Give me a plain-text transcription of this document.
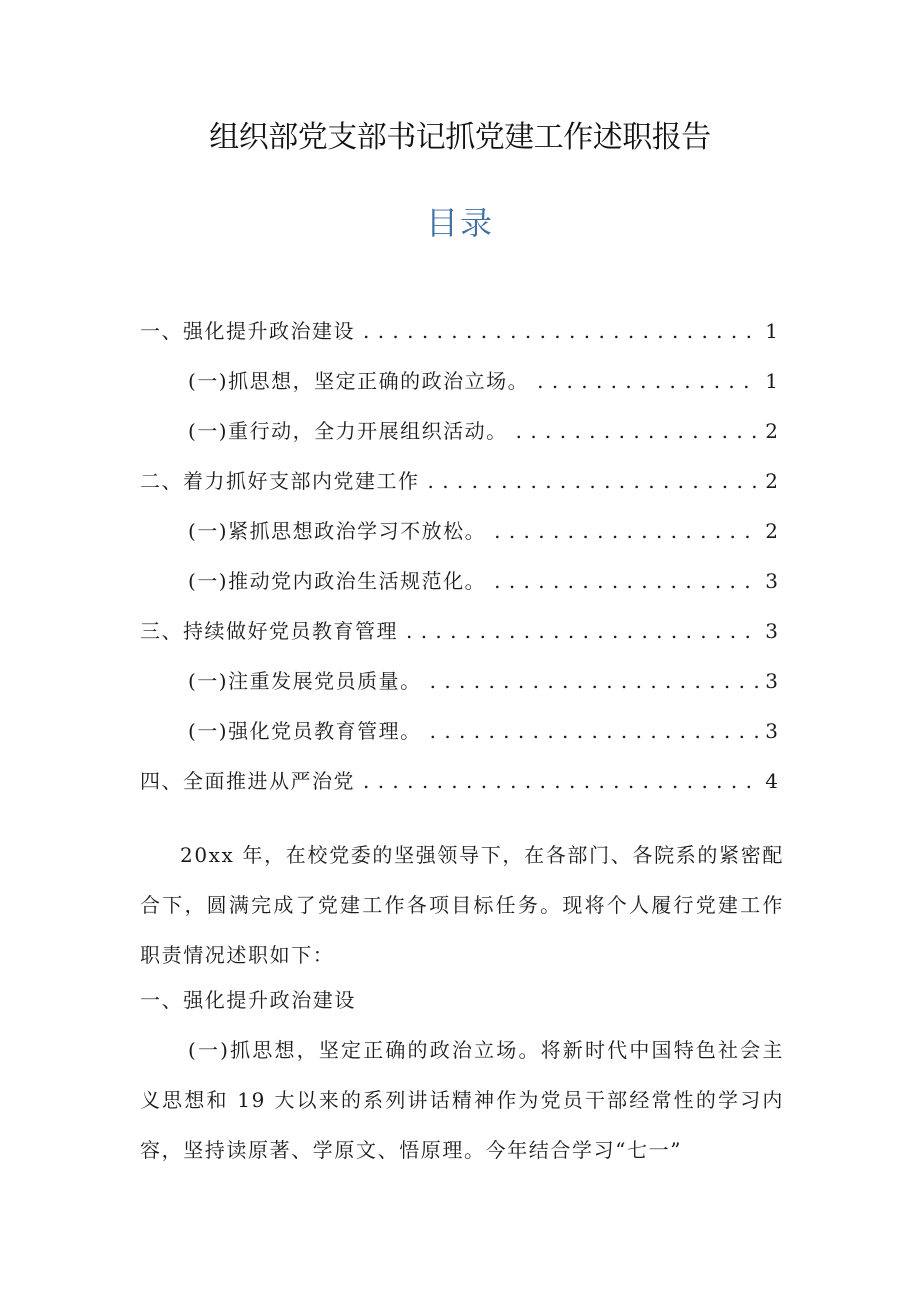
组织部党支部书记抓党建工作述职报告
目录
一、强化提升政治建设 . . .	1
(一)抓思想，坚定正确的政治立场。 . . .	1
(一)重行动，全力开展组织活动。 . . .	2
二、着力抓好支部内党建工作 . . .	2
(一)紧抓思想政治学习不放松。 . . .	2
(一)推动党内政治生活规范化。 . . .	3
三、持续做好党员教育管理 . . .	3
(一)注重发展党员质量。 . . .	3
(一)强化党员教育管理。 . . .	3
四、全面推进从严治党 . . .	4

20xx 年，在校党委的坚强领导下，在各部门、各院系的紧密配合下，圆满完成了党建工作各项目标任务。现将个人履行党建工作职责情况述职如下：

一、强化提升政治建设

(一)抓思想，坚定正确的政治立场。将新时代中国特色社会主义思想和 19 大以来的系列讲话精神作为党员干部经常性的学习内容，坚持读原著、学原文、悟原理。今年结合学习“七一”
